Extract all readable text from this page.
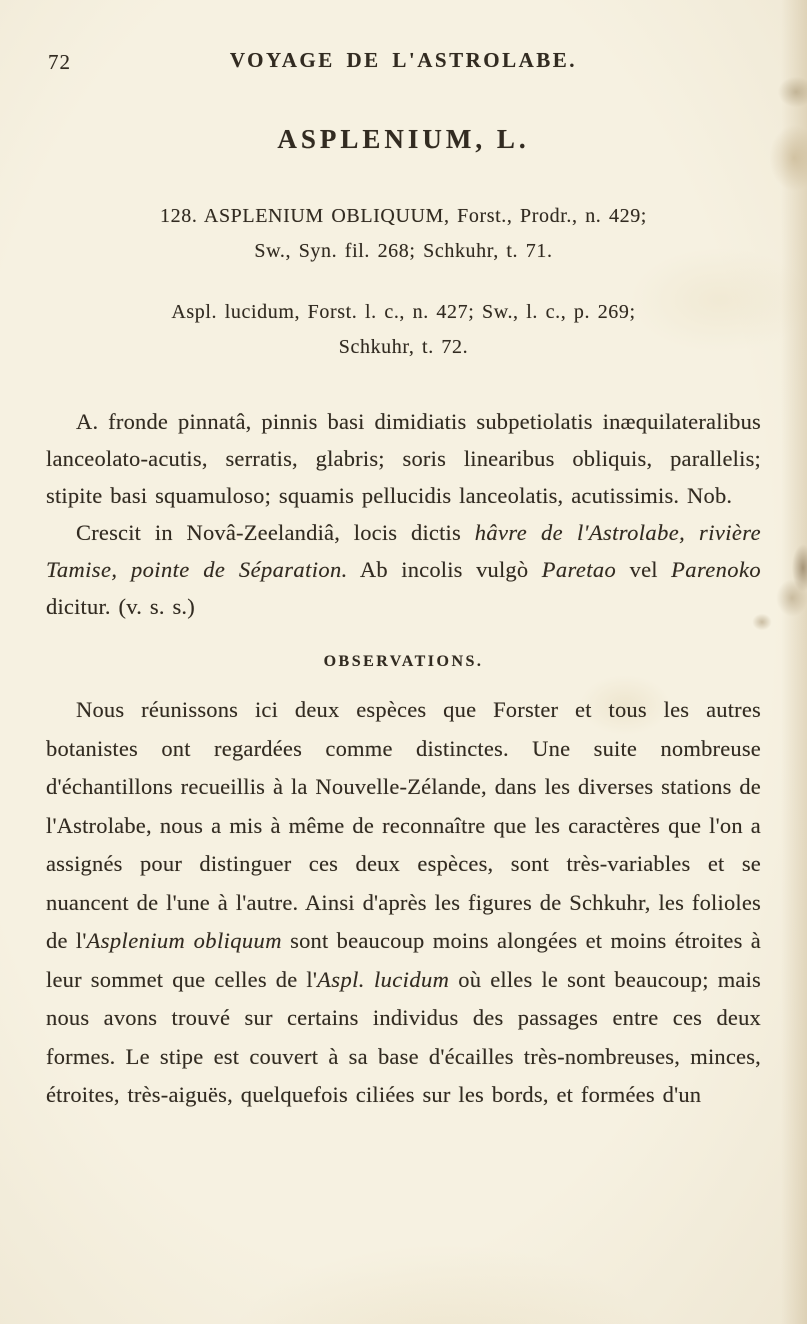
72	VOYAGE DE L'ASTROLABE.
ASPLENIUM, L.
128. ASPLENIUM OBLIQUUM, Forst., Prodr., n. 429;
Sw., Syn. fil. 268; Schkuhr, t. 71.
Aspl. lucidum, Forst. l. c., n. 427; Sw., l. c., p. 269;
Schkuhr, t. 72.

A. fronde pinnatâ, pinnis basi dimidiatis subpetiolatis inæquilateralibus lanceolato-acutis, serratis, glabris; soris linearibus obliquis, parallelis; stipite basi squamuloso; squamis pellucidis lanceolatis, acutissimis. Nob.

Crescit in Novâ-Zeelandiâ, locis dictis hâvre de l'Astrolabe, rivière Tamise, pointe de Séparation. Ab incolis vulgò Paretao vel Parenoko dicitur. (v. s. s.)

OBSERVATIONS.

Nous réunissons ici deux espèces que Forster et tous les autres botanistes ont regardées comme distinctes. Une suite nombreuse d'échantillons recueillis à la Nouvelle-Zélande, dans les diverses stations de l'Astrolabe, nous a mis à même de reconnaître que les caractères que l'on a assignés pour distinguer ces deux espèces, sont très-variables et se nuancent de l'une à l'autre. Ainsi d'après les figures de Schkuhr, les folioles de l'Asplenium obliquum sont beaucoup moins alongées et moins étroites à leur sommet que celles de l'Aspl. lucidum où elles le sont beaucoup; mais nous avons trouvé sur certains individus des passages entre ces deux formes. Le stipe est couvert à sa base d'écailles très-nombreuses, minces, étroites, très-aiguës, quelquefois ciliées sur les bords, et formées d'un
